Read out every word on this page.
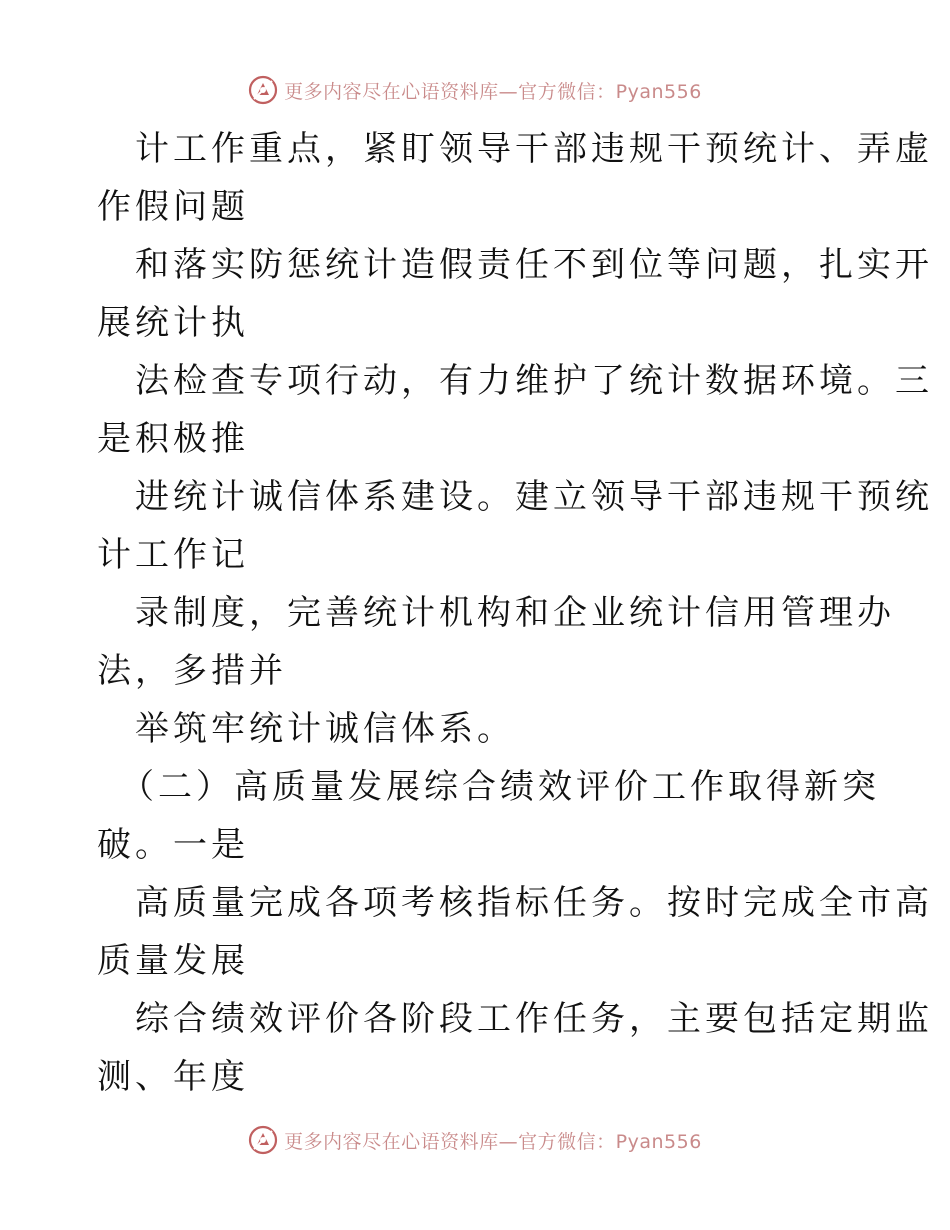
更多内容尽在心语资料库—官方微信：Pyan556

计工作重点，紧盯领导干部违规干预统计、弄虚
作假问题

和落实防惩统计造假责任不到位等问题，扎实开
展统计执

法检查专项行动，有力维护了统计数据环境。三
是积极推

进统计诚信体系建设。建立领导干部违规干预统
计工作记

录制度，完善统计机构和企业统计信用管理办
法，多措并

举筑牢统计诚信体系。

（二）高质量发展综合绩效评价工作取得新突
破。一是

高质量完成各项考核指标任务。按时完成全市高
质量发展

综合绩效评价各阶段工作任务，主要包括定期监
测、年度

更多内容尽在心语资料库—官方微信：Pyan556
